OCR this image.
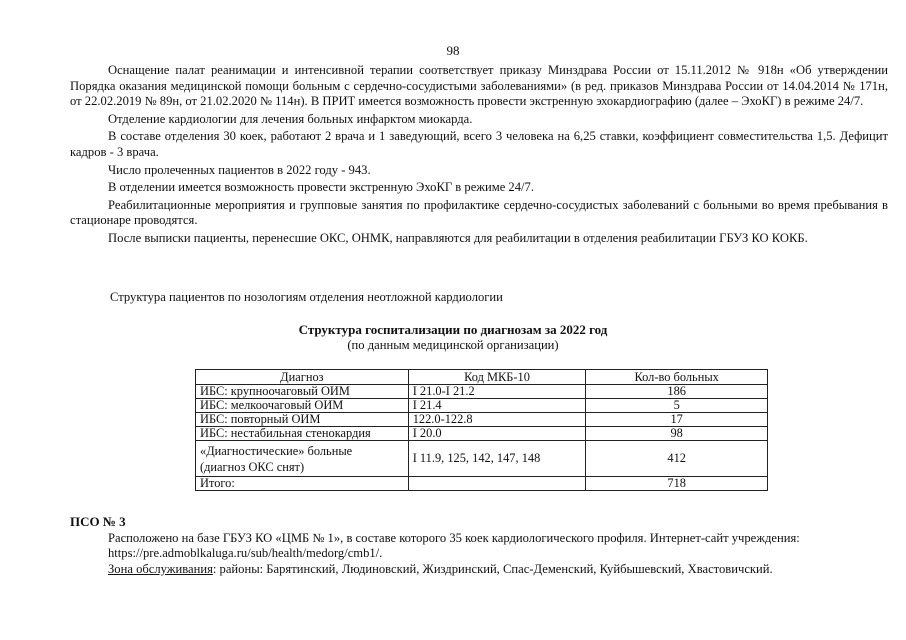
98

Оснащение палат реанимации и интенсивной терапии соответствует приказу Минздрава России от 15.11.2012 № 918н «Об утверждении Порядка оказания медицинской помощи больным с сердечно-сосудистыми заболеваниями» (в ред. приказов Минздрава России от 14.04.2014 № 171н, от 22.02.2019 № 89н, от 21.02.2020 № 114н). В ПРИТ имеется возможность провести экстренную эхокардиографию (далее – ЭхоКГ) в режиме 24/7.

Отделение кардиологии для лечения больных инфарктом миокарда.

В составе отделения 30 коек, работают 2 врача и 1 заведующий, всего 3 человека на 6,25 ставки, коэффициент совместительства 1,5. Дефицит кадров - 3 врача.

Число пролеченных пациентов в 2022 году - 943.

В отделении имеется возможность провести экстренную ЭхоКГ в режиме 24/7.

Реабилитационные мероприятия и групповые занятия по профилактике сердечно-сосудистых заболеваний с больными во время пребывания в стационаре проводятся.

После выписки пациенты, перенесшие ОКС, ОНМК, направляются для реабилитации в отделения реабилитации ГБУЗ КО КОКБ.

Структура пациентов по нозологиям отделения неотложной кардиологии
Структура госпитализации по диагнозам за 2022 год
(по данным медицинской организации)
Диагноз	Код МКБ-10	Кол-во больных
ИБС: крупноочаговый ОИМ	I 21.0-I 21.2	186
ИБС: мелкоочаговый ОИМ	I 21.4	5
ИБС: повторный ОИМ	122.0-122.8	17
ИБС: нестабильная стенокардия	I 20.0	98

«Диагностические» больные
(диагноз ОКС снят)	I 11.9, 125, 142, 147, 148	412
Итого:		718
ПСО № 3

Расположено на базе ГБУЗ КО «ЦМБ № 1», в составе которого 35 коек кардиологического профиля. Интернет-сайт учреждения: https://pre.admoblkaluga.ru/sub/health/medorg/cmb1/.

Зона обслуживания: районы: Барятинский, Людиновский, Жиздринский, Спас-Деменский, Куйбышевский, Хвастовичский.
